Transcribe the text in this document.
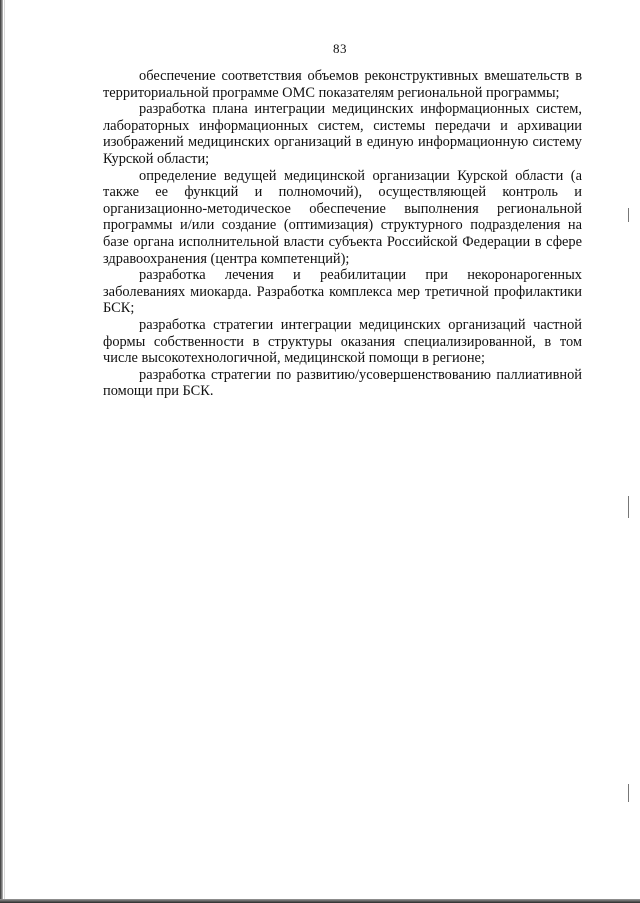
83

обеспечение соответствия объемов реконструктивных вмешательств в территориальной программе ОМС показателям региональной программы;

разработка плана интеграции медицинских информационных систем, лабораторных информационных систем, системы передачи и архивации изображений медицинских организаций в единую информационную систему Курской области;

определение ведущей медицинской организации Курской области (а также ее функций и полномочий), осуществляющей контроль и организационно-методическое обеспечение выполнения региональной программы и/или создание (оптимизация) структурного подразделения на базе органа исполнительной власти субъекта Российской Федерации в сфере здравоохранения (центра компетенций);

разработка лечения и реабилитации при некоронарогенных заболеваниях миокарда. Разработка комплекса мер третичной профилактики БСК;

разработка стратегии интеграции медицинских организаций частной формы собственности в структуры оказания специализированной, в том числе высокотехнологичной, медицинской помощи в регионе;

разработка стратегии по развитию/усовершенствованию паллиативной помощи при БСК.
